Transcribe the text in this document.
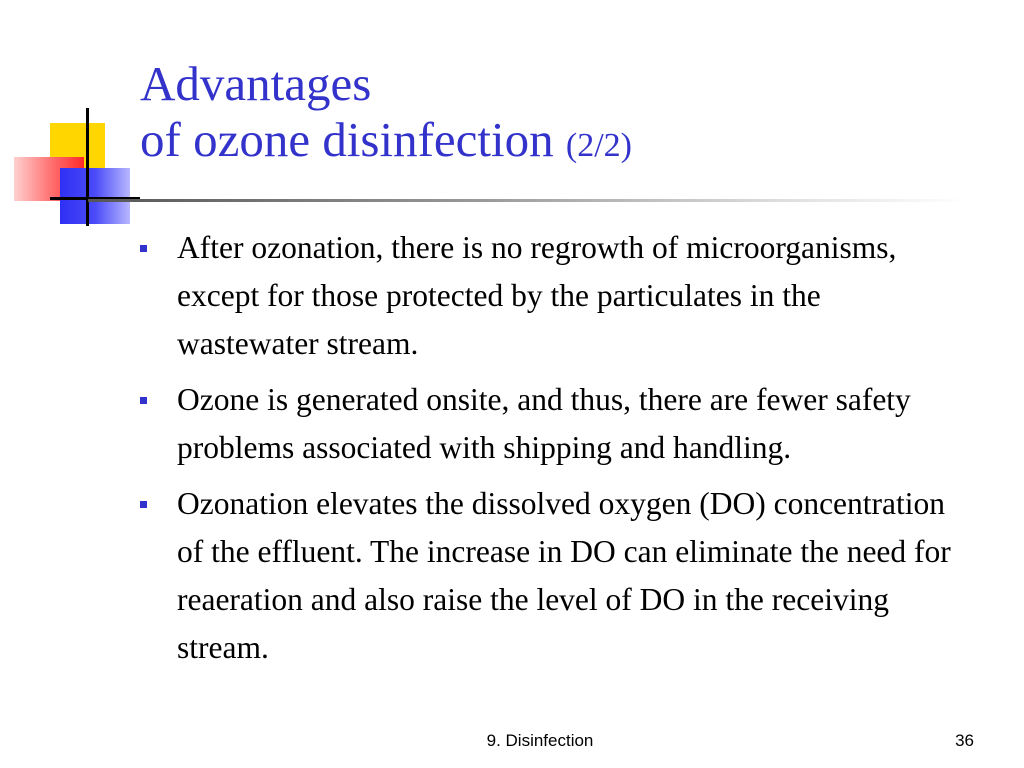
Advantages
of ozone disinfection (2/2)
After ozonation, there is no regrowth of microorganisms, except for those protected by the particulates in the wastewater stream.
Ozone is generated onsite, and thus, there are fewer safety problems associated with shipping and handling.
Ozonation elevates the dissolved oxygen (DO) concentration of the effluent. The increase in DO can eliminate the need for reaeration and also raise the level of DO in the receiving stream.
9. Disinfection	36
